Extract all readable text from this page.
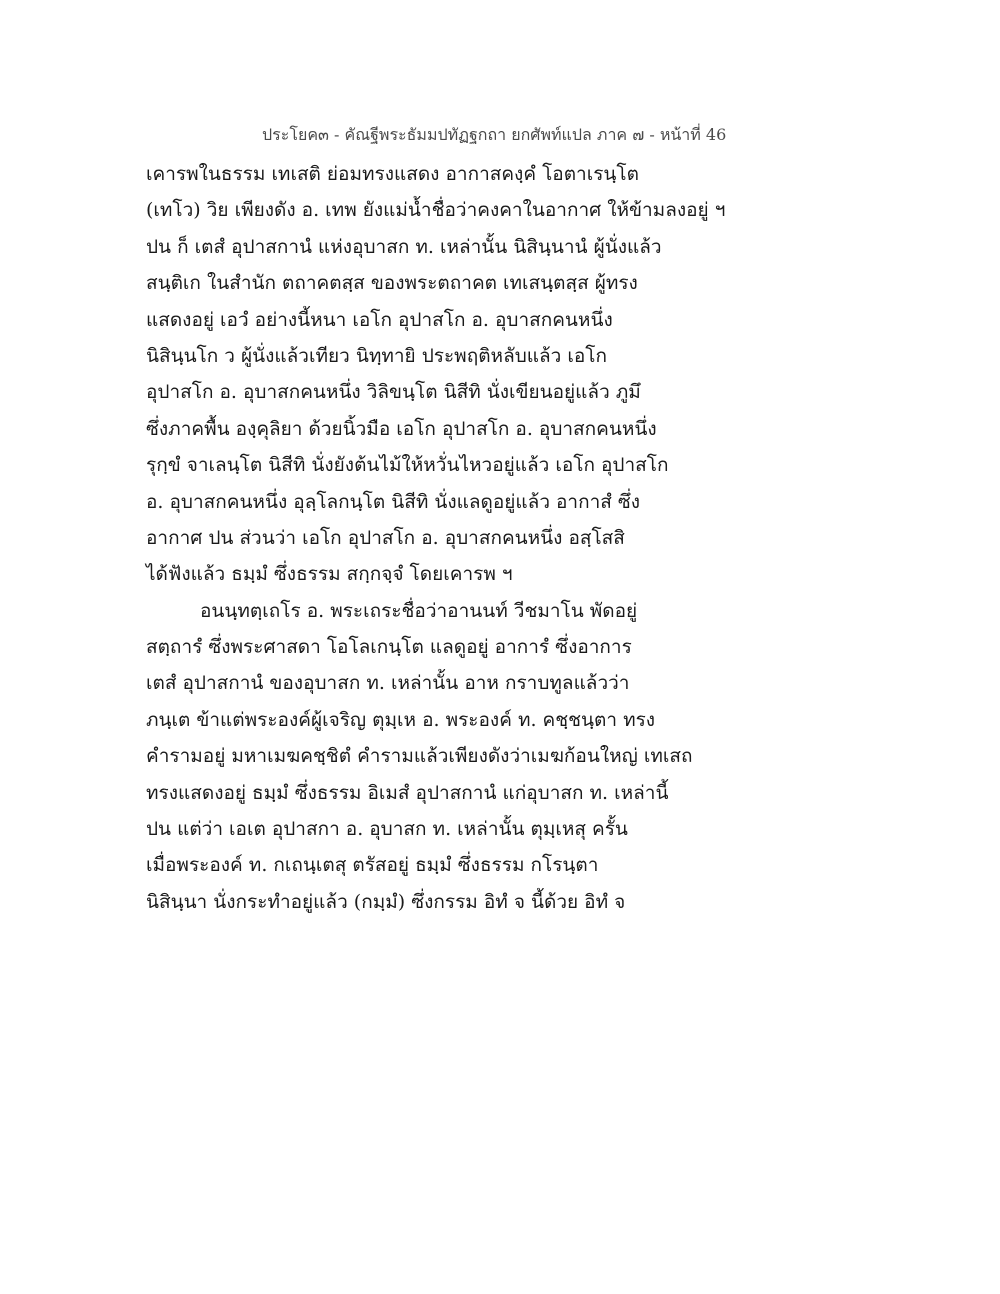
ประโยค๓ - คัณฐีพระธัมมปทัฏฐกถา ยกศัพท์แปล ภาค ๗ - หน้าที่ 46
เคารพในธรรม เทเสติ ย่อมทรงแสดง อากาสคงฺคํ โอตาเรนฺโต
(เทโว) วิย เพียงดัง อ. เทพ ยังแม่น้ำชื่อว่าคงคาในอากาศ ให้ข้ามลงอยู่ ฯ
ปน ก็ เตสํ อุปาสกานํ แห่งอุบาสก ท. เหล่านั้น นิสินฺนานํ ผู้นั่งแล้ว
สนฺติเก ในสำนัก ตถาคตสฺส ของพระตถาคต เทเสนฺตสฺส ผู้ทรง
แสดงอยู่ เอวํ อย่างนี้หนา เอโก อุปาสโก อ. อุบาสกคนหนึ่ง
นิสินฺนโก ว ผู้นั่งแล้วเทียว นิทฺทายิ ประพฤติหลับแล้ว เอโก
อุปาสโก อ. อุบาสกคนหนึ่ง วิลิขนฺโต นิสีทิ นั่งเขียนอยู่แล้ว ภูมึ
ซึ่งภาคพื้น องฺคุลิยา ด้วยนิ้วมือ เอโก อุปาสโก อ. อุบาสกคนหนึ่ง
รุกฺขํ จาเลนฺโต นิสีทิ นั่งยังต้นไม้ให้หวั่นไหวอยู่แล้ว เอโก อุปาสโก
อ. อุบาสกคนหนึ่ง อุลฺโลกนฺโต นิสีทิ นั่งแลดูอยู่แล้ว อากาสํ ซึ่ง
อากาศ ปน ส่วนว่า เอโก อุปาสโก อ. อุบาสกคนหนึ่ง อสฺโสสิ
ได้ฟังแล้ว ธมฺมํ ซึ่งธรรม สกฺกจฺจํ โดยเคารพ ฯ
อนนฺทตฺเถโร อ. พระเถระชื่อว่าอานนท์ วีชมาโน พัดอยู่
สตฺถารํ ซึ่งพระศาสดา โอโลเกนฺโต แลดูอยู่ อาการํ ซึ่งอาการ
เตสํ อุปาสกานํ ของอุบาสก ท. เหล่านั้น อาห กราบทูลแล้วว่า
ภนฺเต ข้าแต่พระองค์ผู้เจริญ ตุมฺเห อ. พระองค์ ท. คชฺชนฺตา ทรง
คำรามอยู่ มหาเมฆคชฺชิตํ คำรามแล้วเพียงดังว่าเมฆก้อนใหญ่ เทเสถ
ทรงแสดงอยู่ ธมฺมํ ซึ่งธรรม อิเมสํ อุปาสกานํ แก่อุบาสก ท. เหล่านี้
ปน แต่ว่า เอเต อุปาสกา อ. อุบาสก ท. เหล่านั้น ตุมฺเหสุ ครั้น
เมื่อพระองค์ ท. กเถนฺเตสุ ตรัสอยู่ ธมฺมํ ซึ่งธรรม กโรนฺตา
นิสินฺนา นั่งกระทำอยู่แล้ว (กมฺมํ) ซึ่งกรรม อิทํ จ นี้ด้วย อิทํ จ
